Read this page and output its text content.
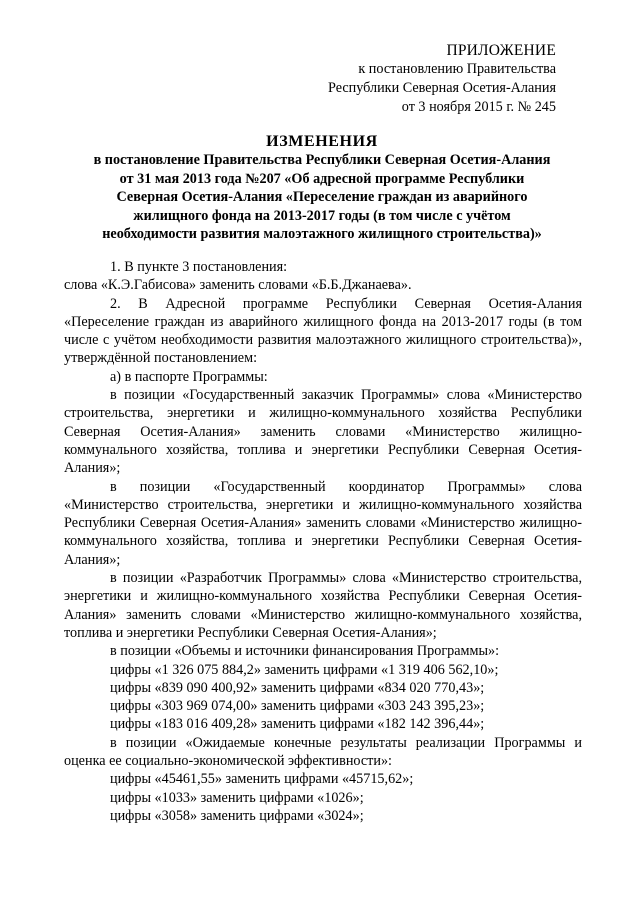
ПРИЛОЖЕНИЕ
к постановлению Правительства
Республики Северная Осетия-Алания
от 3 ноября 2015 г. № 245
ИЗМЕНЕНИЯ
в постановление Правительства Республики Северная Осетия-Алания
от 31 мая 2013 года №207 «Об адресной программе Республики
Северная Осетия-Алания «Переселение граждан из аварийного
жилищного фонда на 2013-2017 годы (в том числе с учётом
необходимости развития малоэтажного жилищного строительства)»

1. В пункте 3 постановления:

слова «К.Э.Габисова» заменить словами «Б.Б.Джанаева».

2. В Адресной программе Республики Северная Осетия-Алания «Переселение граждан из аварийного жилищного фонда на 2013-2017 годы (в том числе с учётом необходимости развития малоэтажного жилищного строительства)», утверждённой постановлением:

а) в паспорте Программы:

в позиции «Государственный заказчик Программы» слова «Министерство строительства, энергетики и жилищно-коммунального хозяйства Республики Северная Осетия-Алания» заменить словами «Министерство жилищно-коммунального хозяйства, топлива и энергетики Республики Северная Осетия-Алания»;

в позиции «Государственный координатор Программы» слова «Министерство строительства, энергетики и жилищно-коммунального хозяйства Республики Северная Осетия-Алания» заменить словами «Министерство жилищно-коммунального хозяйства, топлива и энергетики Республики Северная Осетия-Алания»;

в позиции «Разработчик Программы» слова «Министерство строительства, энергетики и жилищно-коммунального хозяйства Республики Северная Осетия-Алания» заменить словами «Министерство жилищно-коммунального хозяйства, топлива и энергетики Республики Северная Осетия-Алания»;

в позиции «Объемы и источники финансирования Программы»:

цифры «1 326 075 884,2» заменить цифрами «1 319 406 562,10»;

цифры «839 090 400,92» заменить цифрами «834 020 770,43»;

цифры «303 969 074,00» заменить цифрами «303 243 395,23»;

цифры «183 016 409,28» заменить цифрами «182 142 396,44»;

в позиции «Ожидаемые конечные результаты реализации Программы и оценка ее социально-экономической эффективности»:

цифры «45461,55» заменить цифрами «45715,62»;

цифры «1033» заменить цифрами «1026»;

цифры «3058» заменить цифрами «3024»;
